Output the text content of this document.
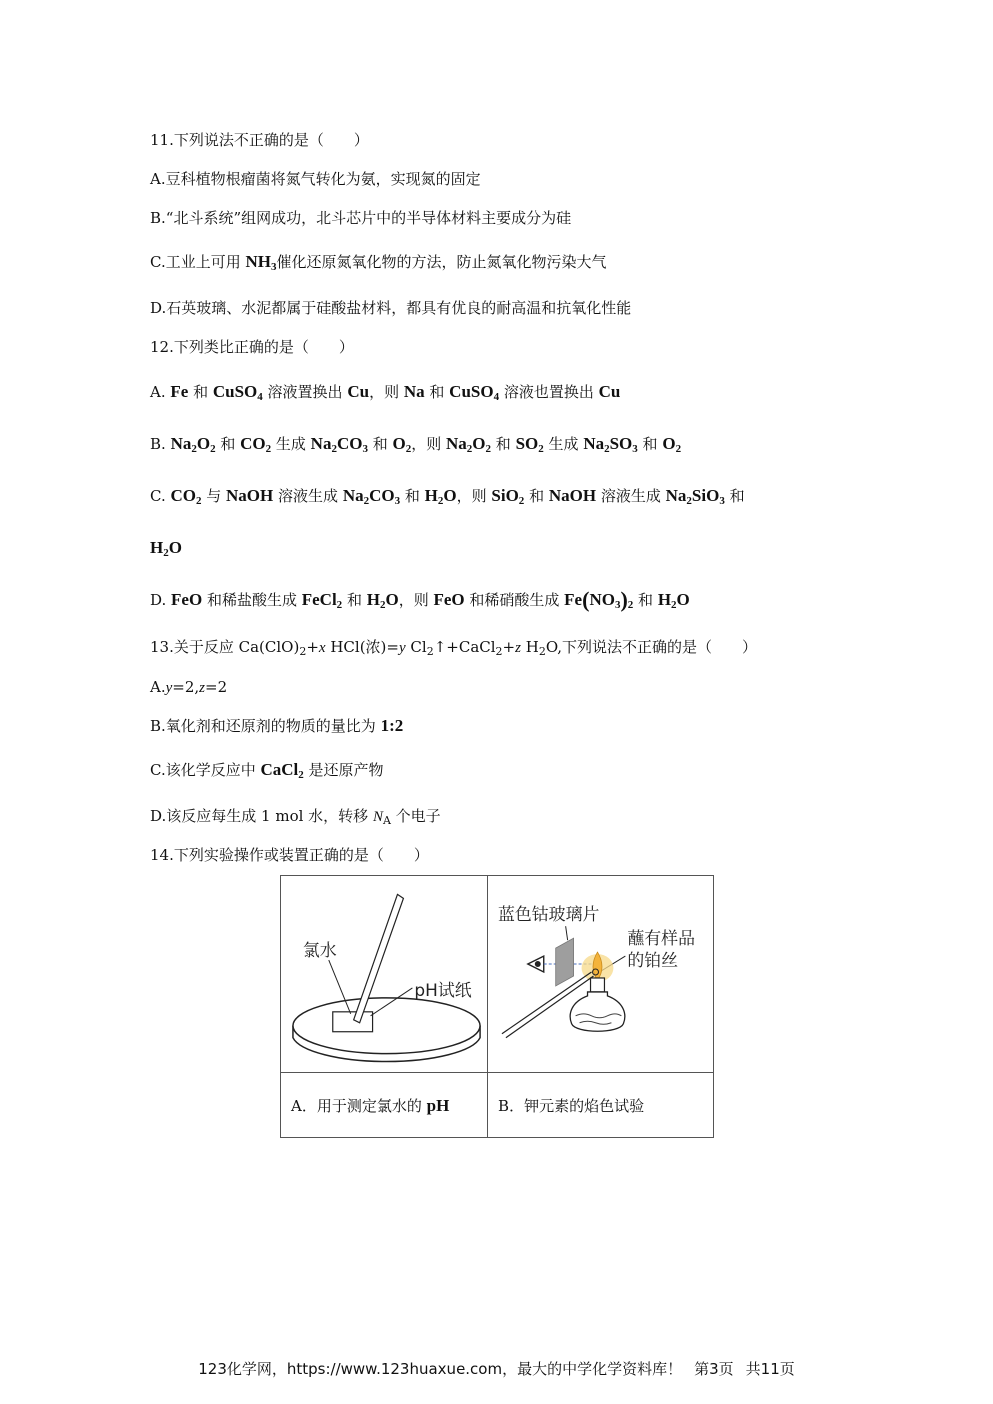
11.下列说法不正确的是（　　）
A.豆科植物根瘤菌将氮气转化为氨，实现氮的固定
B.“北斗系统”组网成功，北斗芯片中的半导体材料主要成分为硅
C.工业上可用 $NH_3$催化还原氮氧化物的方法，防止氮氧化物污染大气
D.石英玻璃、水泥都属于硅酸盐材料，都具有优良的耐高温和抗氧化性能
12.下列类比正确的是（　　）
A. Fe 和 CuSO$_4$ 溶液置换出 Cu，则 Na 和 CuSO$_4$ 溶液也置换出 Cu
B. $Na_2O_2$ 和 $CO_2$ 生成 $Na_2CO_3$ 和 $O_2$，则 $Na_2O_2$ 和 $SO_2$ 生成 $Na_2SO_3$ 和 $O_2$
C. $CO_2$ 与 NaOH 溶液生成 $Na_2CO_3$ 和 $H_2O$，则 SiO$_2$ 和 NaOH 溶液生成 $Na_2SiO_3$ 和
$H_2O$
D. FeO 和稀盐酸生成 FeCl$_2$ 和 $H_2O$，则 FeO 和稀硝酸生成 $Fe(NO_3)_2$ 和 $H_2O$
13.关于反应 $Ca(ClO)_2+x$ HCl(浓)=y $Cl_2↑+CaCl_2+z$ $H_2O$,下列说法不正确的是（　　）
A.y=2,z=2
B.氧化剂和还原剂的物质的量比为 1:2
C.该化学反应中 CaCl$_2$ 是还原产物
D.该反应每生成 1 mol 水，转移 $N_A$ 个电子
14.下列实验操作或装置正确的是（　　）
氯水
pH试纸	蓝色钴玻璃片
蘸有样品
的铂丝

A．用于测定氯水的 pH	B．钾元素的焰色试验
123化学网，https://www.123huaxue.com，最大的中学化学资料库！ 第3页 共11页
